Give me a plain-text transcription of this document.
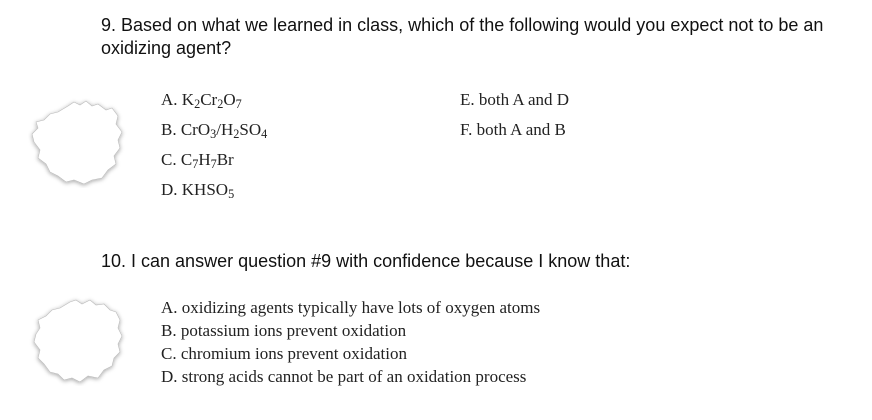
9. Based on what we learned in class, which of the following would you expect not to be an oxidizing agent?
A. $K_2Cr_2O_7$
B. $CrO_3/H_2SO_4$
C. $C_7H_7Br$
D. $KHSO_5$
E. both A and D
F. both A and B
10. I can answer question #9 with confidence because I know that:
A. oxidizing agents typically have lots of oxygen atoms
B. potassium ions prevent oxidation
C. chromium ions prevent oxidation
D. strong acids cannot be part of an oxidation process
